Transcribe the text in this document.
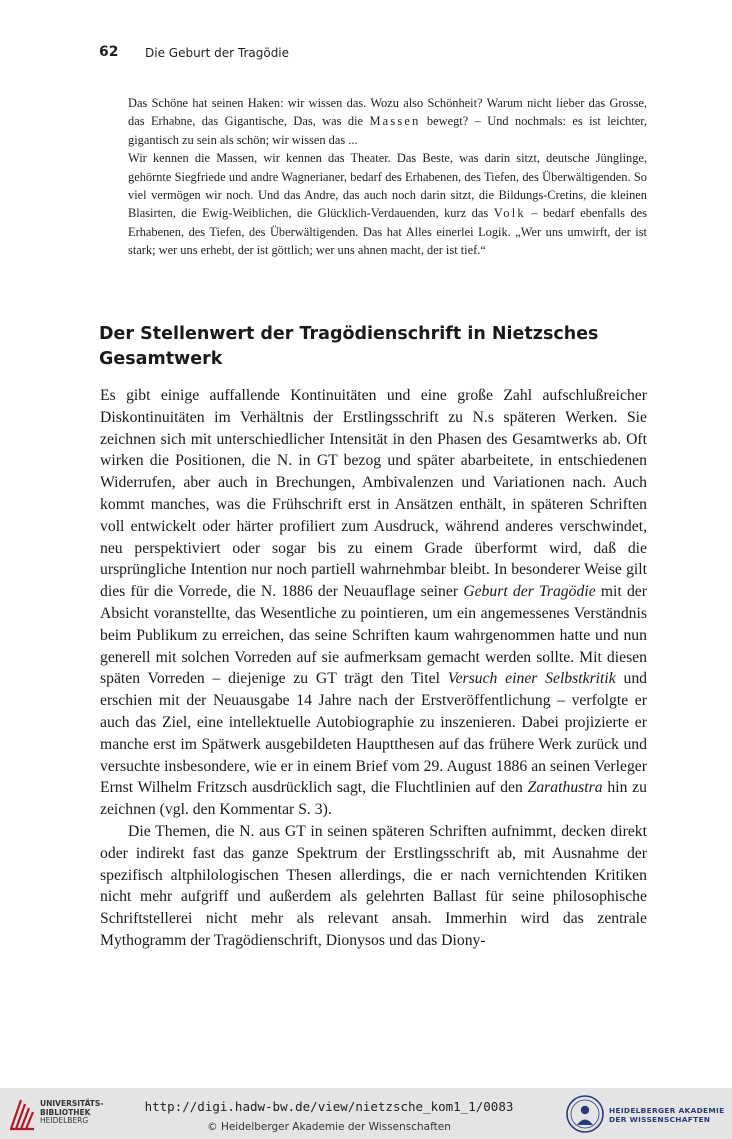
62 Die Geburt der Tragödie

Das Schöne hat seinen Haken: wir wissen das. Wozu also Schönheit? Warum nicht lieber das Grosse, das Erhabne, das Gigantische, Das, was die Massen bewegt? – Und nochmals: es ist leichter, gigantisch zu sein als schön; wir wissen das ...

Wir kennen die Massen, wir kennen das Theater. Das Beste, was darin sitzt, deutsche Jünglinge, gehörnte Siegfriede und andre Wagnerianer, bedarf des Erhabenen, des Tiefen, des Überwältigenden. So viel vermögen wir noch. Und das Andre, das auch noch darin sitzt, die Bildungs-Cretins, die kleinen Blasirten, die Ewig-Weiblichen, die Glücklich-Verdauenden, kurz das Volk – bedarf ebenfalls des Erhabenen, des Tiefen, des Überwältigenden. Das hat Alles einerlei Logik. „Wer uns umwirft, der ist stark; wer uns erhebt, der ist göttlich; wer uns ahnen macht, der ist tief.“

Der Stellenwert der Tragödienschrift in Nietzsches Gesamtwerk

Es gibt einige auffallende Kontinuitäten und eine große Zahl aufschlußreicher Diskontinuitäten im Verhältnis der Erstlingsschrift zu N.s späteren Werken. Sie zeichnen sich mit unterschiedlicher Intensität in den Phasen des Gesamtwerks ab. Oft wirken die Positionen, die N. in GT bezog und später abarbeitete, in entschiedenen Widerrufen, aber auch in Brechungen, Ambivalenzen und Variationen nach. Auch kommt manches, was die Frühschrift erst in Ansätzen enthält, in späteren Schriften voll entwickelt oder härter profiliert zum Ausdruck, während anderes verschwindet, neu perspektiviert oder sogar bis zu einem Grade überformt wird, daß die ursprüngliche Intention nur noch partiell wahrnehmbar bleibt. In besonderer Weise gilt dies für die Vorrede, die N. 1886 der Neuauflage seiner Geburt der Tragödie mit der Absicht voranstellte, das Wesentliche zu pointieren, um ein angemessenes Verständnis beim Publikum zu erreichen, das seine Schriften kaum wahrgenommen hatte und nun generell mit solchen Vorreden auf sie aufmerksam gemacht werden sollte. Mit diesen späten Vorreden – diejenige zu GT trägt den Titel Versuch einer Selbstkritik und erschien mit der Neuausgabe 14 Jahre nach der Erstveröffentlichung – verfolgte er auch das Ziel, eine intellektuelle Autobiographie zu inszenieren. Dabei projizierte er manche erst im Spätwerk ausgebildeten Hauptthesen auf das frühere Werk zurück und versuchte insbesondere, wie er in einem Brief vom 29. August 1886 an seinen Verleger Ernst Wilhelm Fritzsch ausdrücklich sagt, die Fluchtlinien auf den Zarathustra hin zu zeichnen (vgl. den Kommentar S. 3).

Die Themen, die N. aus GT in seinen späteren Schriften aufnimmt, decken direkt oder indirekt fast das ganze Spektrum der Erstlingsschrift ab, mit Ausnahme der spezifisch altphilologischen Thesen allerdings, die er nach vernichtenden Kritiken nicht mehr aufgriff und außerdem als gelehrten Ballast für seine philosophische Schriftstellerei nicht mehr als relevant ansah. Immerhin wird das zentrale Mythogramm der Tragödienschrift, Dionysos und das Diony-

UNIVERSITÄTS-
BIBLIOTHEK
HEIDELBERG
http://digi.hadw-bw.de/view/nietzsche_kom1_1/0083
© Heidelberger Akademie der Wissenschaften
HEIDELBERGER AKADEMIE
DER WISSENSCHAFTEN
